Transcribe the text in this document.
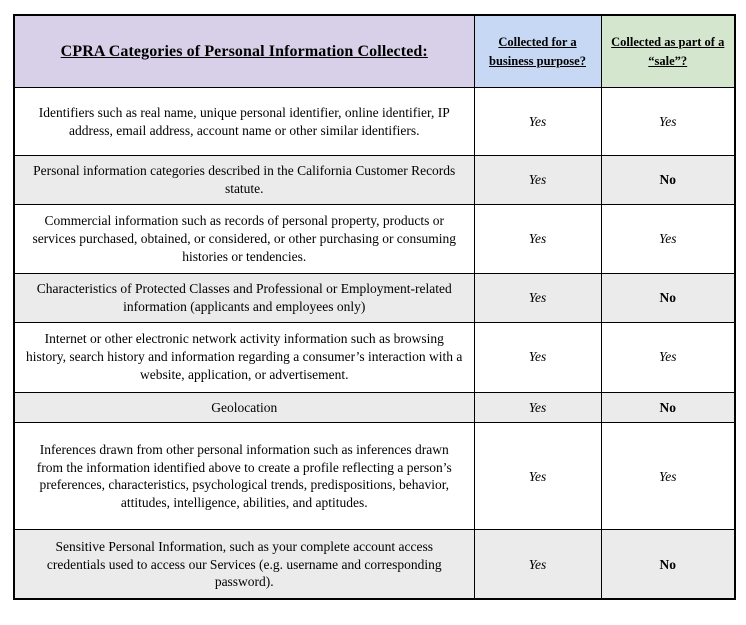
CPRA Categories of Personal Information Collected:	Collected for a business purpose?	Collected as part of a “sale”?
Identifiers such as real name, unique personal identifier, online identifier, IP address, email address, account name or other similar identifiers.	Yes	Yes
Personal information categories described in the California Customer Records statute.	Yes	No
Commercial information such as records of personal property, products or services purchased, obtained, or considered, or other purchasing or consuming histories or tendencies.	Yes	Yes
Characteristics of Protected Classes and Professional or Employment-related information (applicants and employees only)	Yes	No
Internet or other electronic network activity information such as browsing history, search history and information regarding a consumer’s interaction with a website, application, or advertisement.	Yes	Yes
Geolocation	Yes	No
Inferences drawn from other personal information such as inferences drawn from the information identified above to create a profile reflecting a person’s preferences, characteristics, psychological trends, predispositions, behavior, attitudes, intelligence, abilities, and aptitudes.	Yes	Yes
Sensitive Personal Information, such as your complete account access credentials used to access our Services (e.g. username and corresponding password).	Yes	No
